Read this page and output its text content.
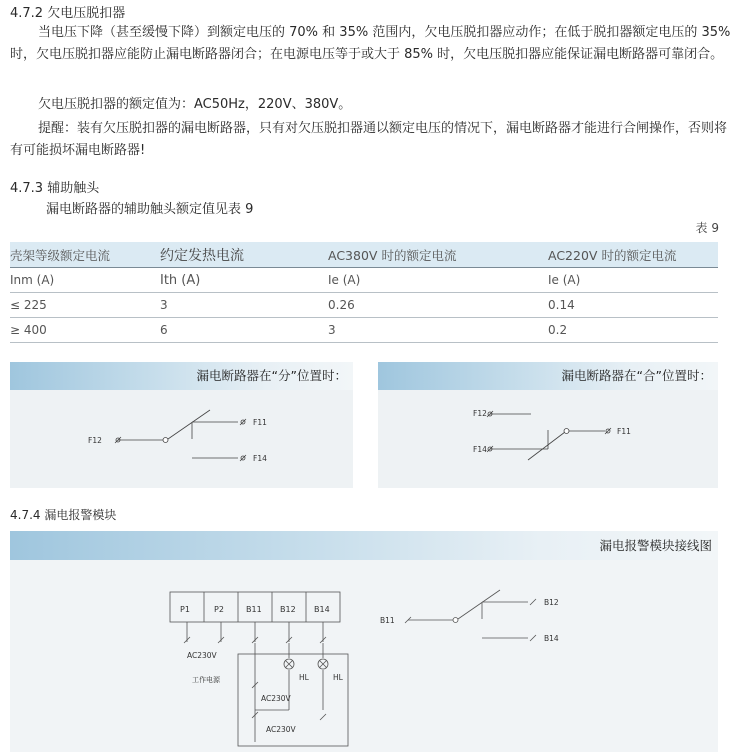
4.7.2 欠电压脱扣器
当电压下降（甚至缓慢下降）到额定电压的 70% 和 35% 范围内，欠电压脱扣器应动作；在低于脱扣器额定电压的 35% 时，欠电压脱扣器应能防止漏电断路器闭合；在电源电压等于或大于 85% 时，欠电压脱扣器应能保证漏电断路器可靠闭合。
欠电压脱扣器的额定值为：AC50Hz，220V、380V。
提醒：装有欠压脱扣器的漏电断路器，只有对欠压脱扣器通以额定电压的情况下，漏电断路器才能进行合闸操作，否则将有可能损坏漏电断路器!
4.7.3 辅助触头
漏电断路器的辅助触头额定值见表 9
表 9
壳架等级额定电流	约定发热电流	AC380V 时的额定电流	AC220V 时的额定电流
Inm (A)	Ith (A)	Ie (A)	Ie (A)
≤ 225	3	0.26	0.14
≥ 400	6	3	0.2
漏电断路器在“分”位置时：
F12
F11
F14
漏电断路器在“合”位置时：
F12
F14
F11
4.7.4 漏电报警模块
漏电报警模块接线图
P1	P2	B11 B12 B14
AC230V
工作电源	HL	HL
AC230V
AC230V
B11
B12
B14
